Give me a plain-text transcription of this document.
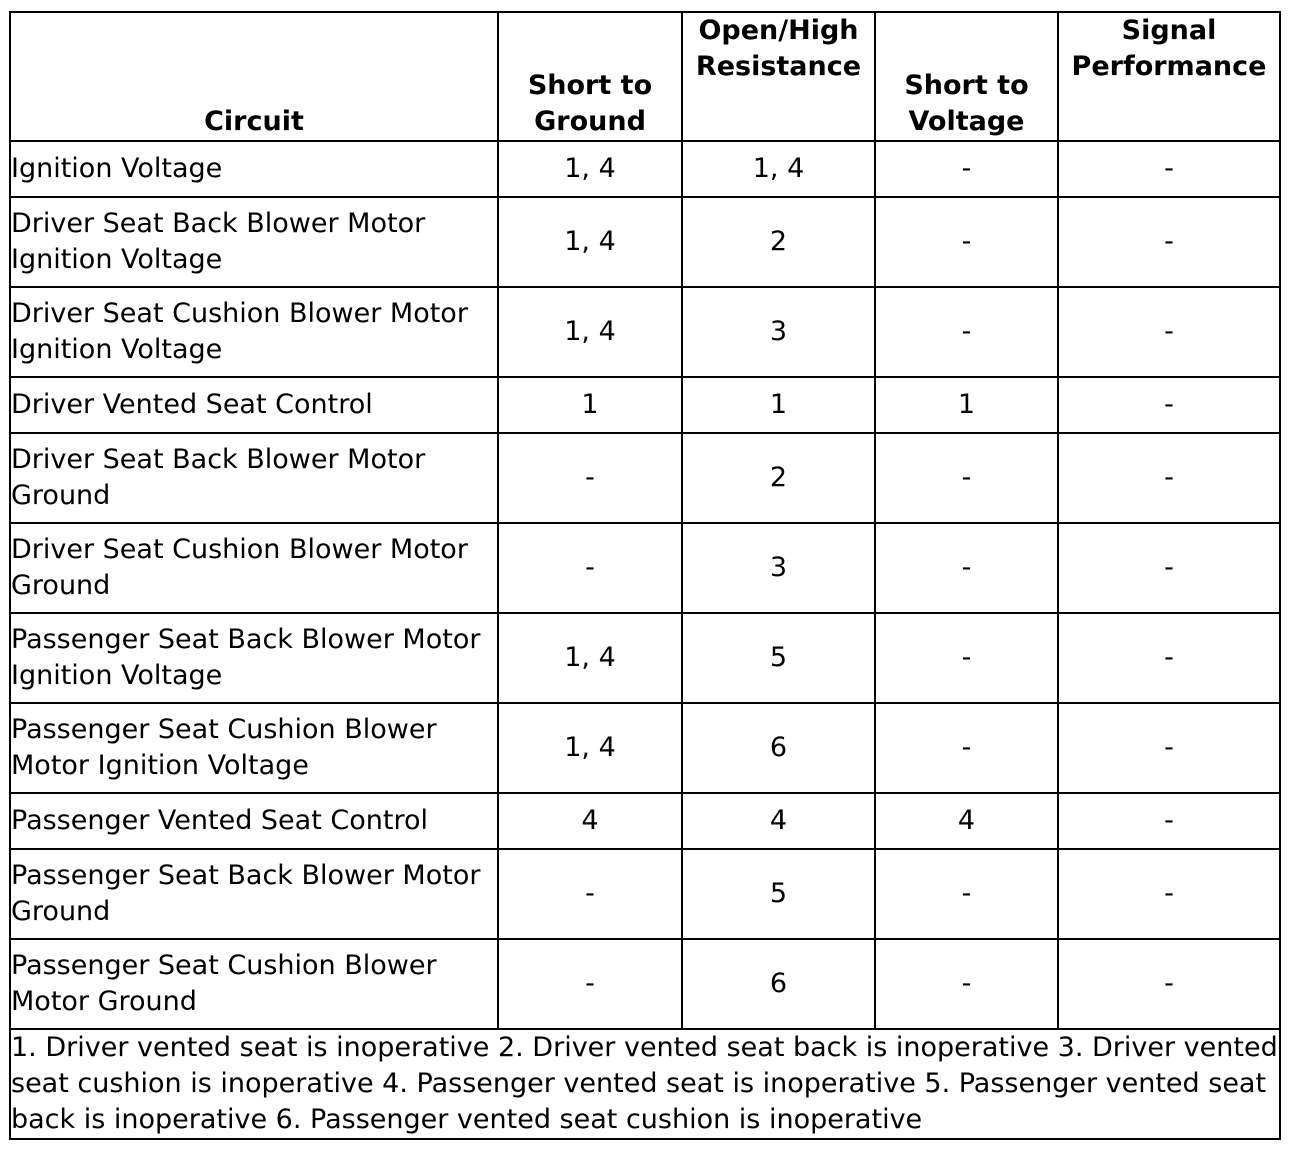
Circuit	Short to Ground	Open/High Resistance	Short to Voltage	Signal Performance
Ignition Voltage	1, 4	1, 4	-	-
Driver Seat Back Blower Motor Ignition Voltage	1, 4	2	-	-
Driver Seat Cushion Blower Motor Ignition Voltage	1, 4	3	-	-
Driver Vented Seat Control	1	1	1	-
Driver Seat Back Blower Motor Ground	-	2	-	-
Driver Seat Cushion Blower Motor Ground	-	3	-	-
Passenger Seat Back Blower Motor Ignition Voltage	1, 4	5	-	-
Passenger Seat Cushion Blower Motor Ignition Voltage	1, 4	6	-	-
Passenger Vented Seat Control	4	4	4	-
Passenger Seat Back Blower Motor Ground	-	5	-	-
Passenger Seat Cushion Blower Motor Ground	-	6	-	-
1. Driver vented seat is inoperative 2. Driver vented seat back is inoperative 3. Driver vented seat cushion is inoperative 4. Passenger vented seat is inoperative 5. Passenger vented seat back is inoperative 6. Passenger vented seat cushion is inoperative				
